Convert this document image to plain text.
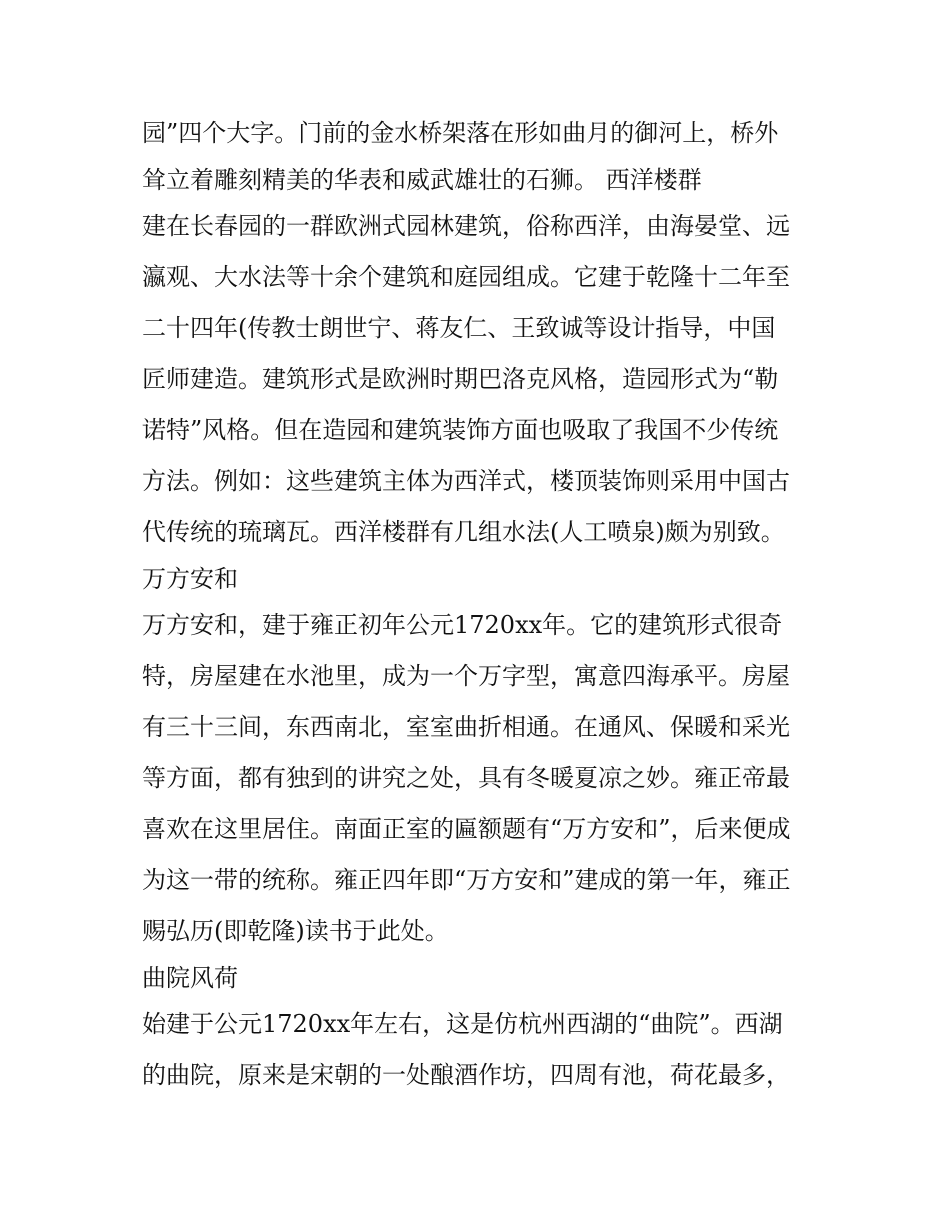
园”四个大字。门前的金水桥架落在形如曲月的御河上，桥外
耸立着雕刻精美的华表和威武雄壮的石狮。 西洋楼群
建在长春园的一群欧洲式园林建筑，俗称西洋，由海晏堂、远
瀛观、大水法等十余个建筑和庭园组成。它建于乾隆十二年至
二十四年(传教士朗世宁、蒋友仁、王致诚等设计指导，中国
匠师建造。建筑形式是欧洲时期巴洛克风格，造园形式为“勒
诺特”风格。但在造园和建筑装饰方面也吸取了我国不少传统
方法。例如：这些建筑主体为西洋式，楼顶装饰则采用中国古
代传统的琉璃瓦。西洋楼群有几组水法(人工喷泉)颇为别致。
万方安和
万方安和，建于雍正初年公元1720xx年。它的建筑形式很奇
特，房屋建在水池里，成为一个万字型，寓意四海承平。房屋
有三十三间，东西南北，室室曲折相通。在通风、保暖和采光
等方面，都有独到的讲究之处，具有冬暖夏凉之妙。雍正帝最
喜欢在这里居住。南面正室的匾额题有“万方安和”，后来便成
为这一带的统称。雍正四年即“万方安和”建成的第一年，雍正
赐弘历(即乾隆)读书于此处。
曲院风荷
始建于公元1720xx年左右，这是仿杭州西湖的“曲院”。西湖
的曲院，原来是宋朝的一处酿酒作坊，四周有池，荷花最多，
